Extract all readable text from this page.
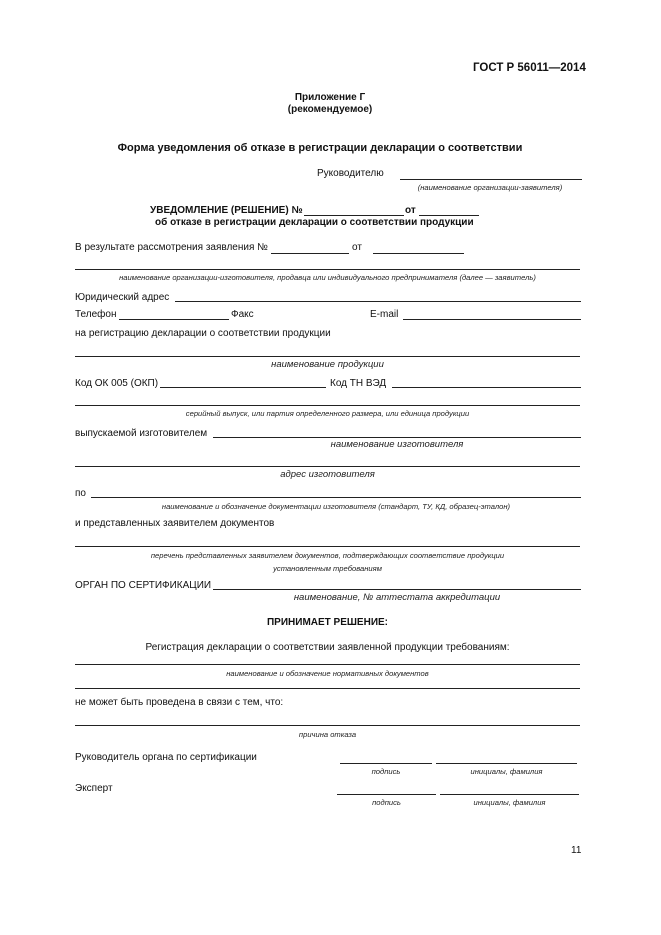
ГОСТ Р 56011—2014
Приложение Г
(рекомендуемое)
Форма уведомления об отказе в регистрации декларации о соответствии
Руководителю
(наименование организации-заявителя)
УВЕДОМЛЕНИЕ (РЕШЕНИЕ) №	от
об отказе в регистрации декларации о соответствии продукции
В результате рассмотрения заявления №	от
наименование организации-изготовителя, продавца или индивидуального предпринимателя (далее — заявитель)
Юридический адрес
Телефон	Факс	E-mail
на регистрацию декларации о соответствии продукции
наименование продукции
Код ОК 005 (ОКП)	Код ТН ВЭД
серийный выпуск, или партия определенного размера, или единица продукции
выпускаемой изготовителем
наименование изготовителя
адрес изготовителя
по
наименование и обозначение документации изготовителя (стандарт, ТУ, КД, образец-эталон)
и представленных заявителем документов
перечень представленных заявителем документов, подтверждающих соответствие продукции
установленным требованиям
ОРГАН ПО СЕРТИФИКАЦИИ
наименование, № аттестата аккредитации
ПРИНИМАЕТ РЕШЕНИЕ:
Регистрация декларации о соответствии заявленной продукции требованиям:
наименование и обозначение нормативных документов
не может быть проведена в связи с тем, что:
причина отказа
Руководитель органа по сертификации
подпись	инициалы, фамилия
Эксперт
подпись	инициалы, фамилия
11
